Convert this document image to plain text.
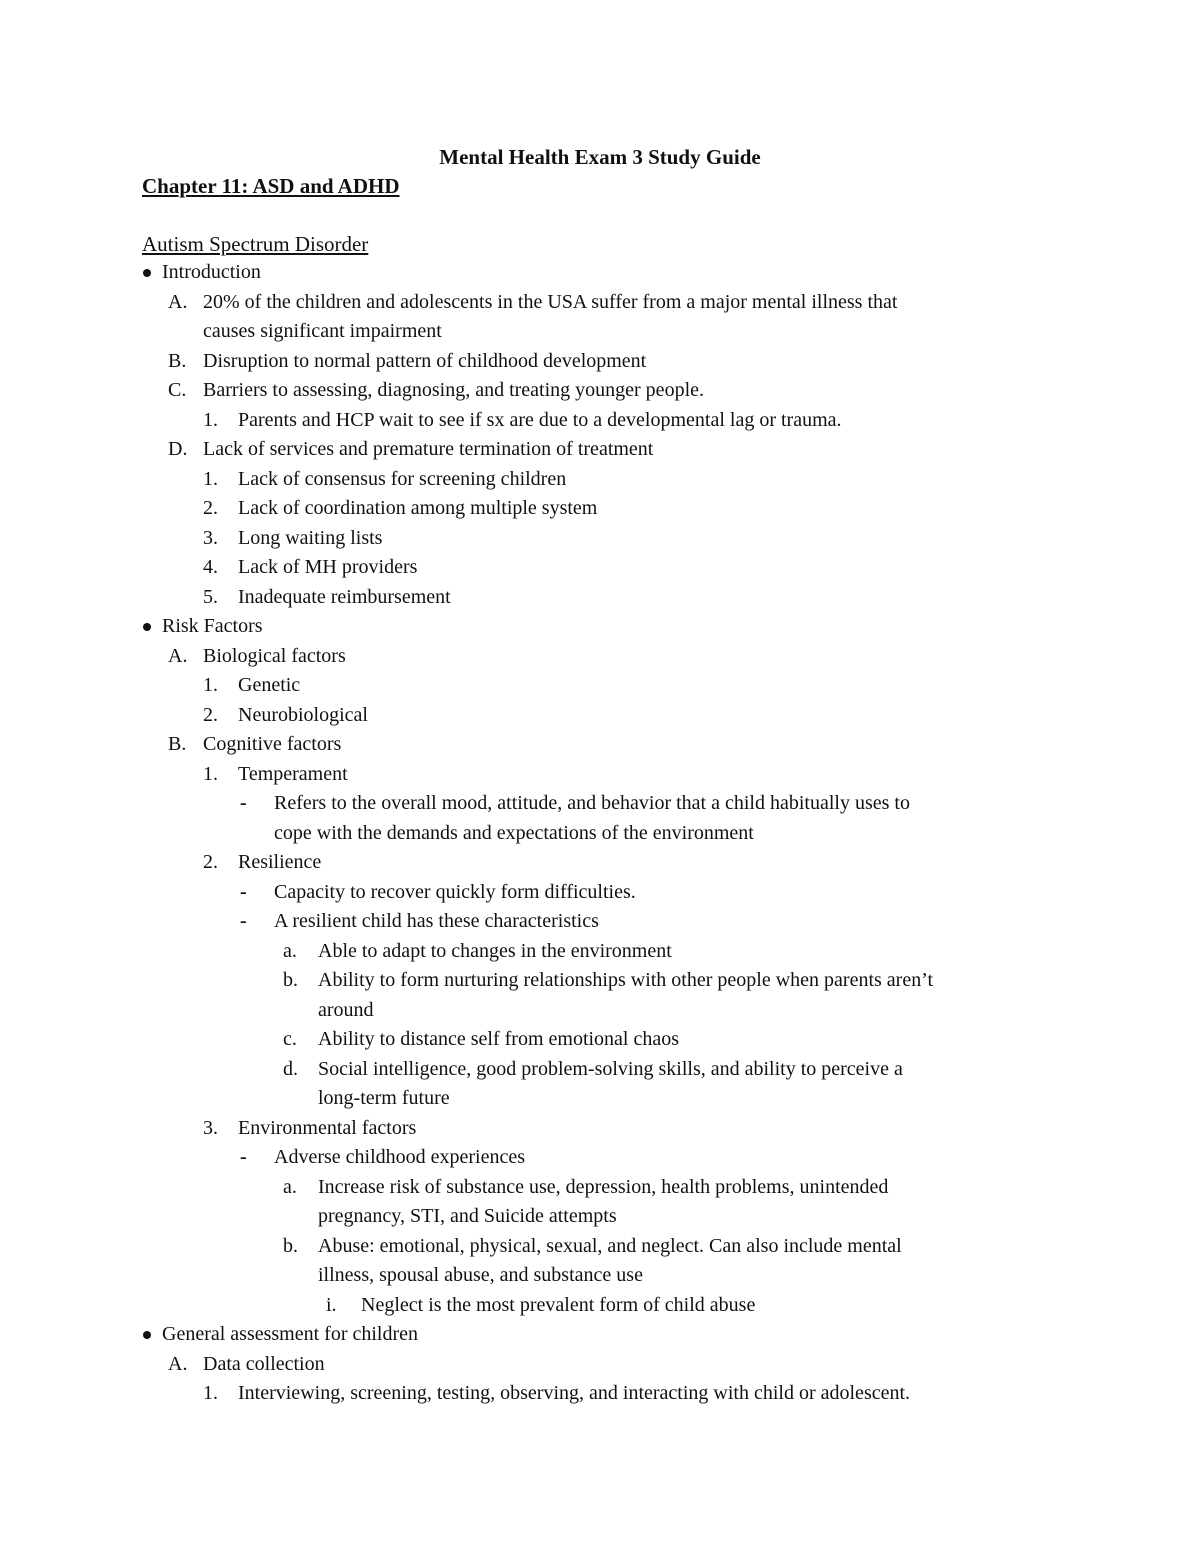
Mental Health Exam 3 Study Guide
Chapter 11: ASD and ADHD
Autism Spectrum Disorder
Introduction
A. 20% of the children and adolescents in the USA suffer from a major mental illness that
causes significant impairment
B. Disruption to normal pattern of childhood development
C. Barriers to assessing, diagnosing, and treating younger people.
1. Parents and HCP wait to see if sx are due to a developmental lag or trauma.
D. Lack of services and premature termination of treatment
1. Lack of consensus for screening children
2. Lack of coordination among multiple system
3. Long waiting lists
4. Lack of MH providers
5. Inadequate reimbursement
Risk Factors
A. Biological factors
1. Genetic
2. Neurobiological
B. Cognitive factors
1. Temperament
- Refers to the overall mood, attitude, and behavior that a child habitually uses to
cope with the demands and expectations of the environment
2. Resilience
- Capacity to recover quickly form difficulties.
- A resilient child has these characteristics
a. Able to adapt to changes in the environment
b. Ability to form nurturing relationships with other people when parents aren’t
around
c. Ability to distance self from emotional chaos
d. Social intelligence, good problem-solving skills, and ability to perceive a
long-term future
3. Environmental factors
- Adverse childhood experiences
a. Increase risk of substance use, depression, health problems, unintended
pregnancy, STI, and Suicide attempts
b. Abuse: emotional, physical, sexual, and neglect. Can also include mental
illness, spousal abuse, and substance use
i. Neglect is the most prevalent form of child abuse
General assessment for children
A. Data collection
1. Interviewing, screening, testing, observing, and interacting with child or adolescent.
